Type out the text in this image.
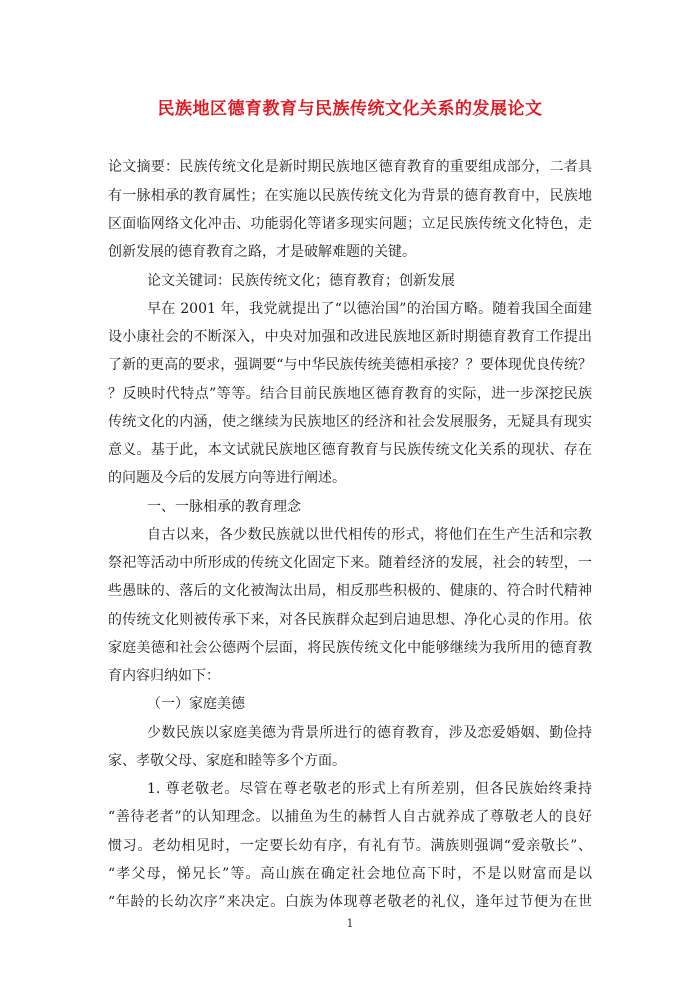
民族地区德育教育与民族传统文化关系的发展论文
论文摘要：民族传统文化是新时期民族地区德育教育的重要组成部分，二者具
有一脉相承的教育属性；在实施以民族传统文化为背景的德育教育中，民族地
区面临网络文化冲击、功能弱化等诸多现实问题；立足民族传统文化特色，走
创新发展的德育教育之路，才是破解难题的关键。
论文关键词：民族传统文化；德育教育；创新发展
早在 2001 年，我党就提出了“以德治国”的治国方略。随着我国全面建
设小康社会的不断深入，中央对加强和改进民族地区新时期德育教育工作提出
了新的更高的要求，强调要“与中华民族传统美德相承接？？要体现优良传统？
？反映时代特点”等等。结合目前民族地区德育教育的实际，进一步深挖民族
传统文化的内涵，使之继续为民族地区的经济和社会发展服务，无疑具有现实
意义。基于此，本文试就民族地区德育教育与民族传统文化关系的现状、存在
的问题及今后的发展方向等进行阐述。
一、一脉相承的教育理念
自古以来，各少数民族就以世代相传的形式，将他们在生产生活和宗教
祭祀等活动中所形成的传统文化固定下来。随着经济的发展，社会的转型，一
些愚昧的、落后的文化被淘汰出局，相反那些积极的、健康的、符合时代精神
的传统文化则被传承下来，对各民族群众起到启迪思想、净化心灵的作用。依
家庭美德和社会公德两个层面，将民族传统文化中能够继续为我所用的德育教
育内容归纳如下：
（一）家庭美德
少数民族以家庭美德为背景所进行的德育教育，涉及恋爱婚姻、勤俭持
家、孝敬父母、家庭和睦等多个方面。
1. 尊老敬老。尽管在尊老敬老的形式上有所差别，但各民族始终秉持
“善待老者”的认知理念。以捕鱼为生的赫哲人自古就养成了尊敬老人的良好
惯习。老幼相见时，一定要长幼有序，有礼有节。满族则强调“爱亲敬长”、
“孝父母，悌兄长”等。高山族在确定社会地位高下时，不是以财富而是以
“年龄的长幼次序”来决定。白族为体现尊老敬老的礼仪，逢年过节便为在世
1
